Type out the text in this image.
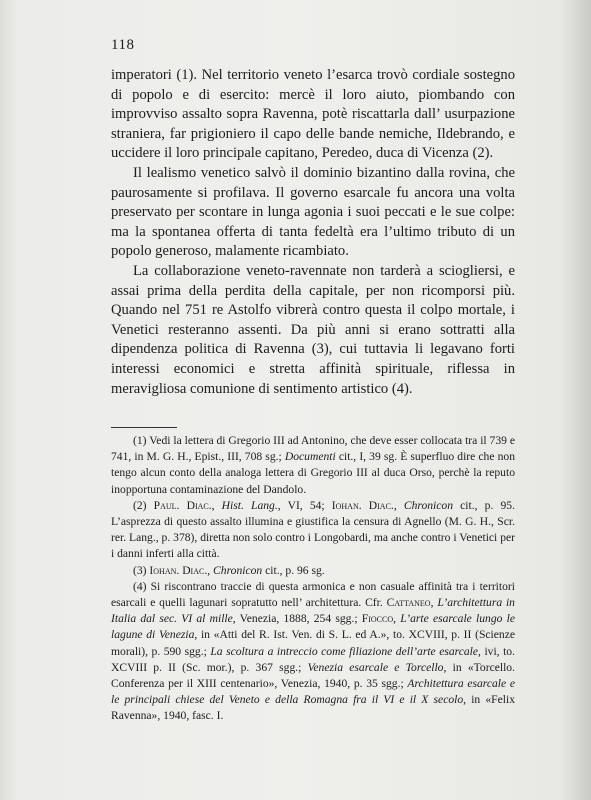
118

imperatori (1). Nel territorio veneto l’esarca trovò cordiale sostegno di popolo e di esercito: mercè il loro aiuto, piombando con improvviso assalto sopra Ravenna, potè riscattarla dall’ usurpazione straniera, far prigioniero il capo delle bande nemiche, Ildebrando, e uccidere il loro principale capitano, Peredeo, duca di Vicenza (2).

Il lealismo venetico salvò il dominio bizantino dalla rovina, che paurosamente si profilava. Il governo esarcale fu ancora una volta preservato per scontare in lunga agonia i suoi peccati e le sue colpe: ma la spontanea offerta di tanta fedeltà era l’ultimo tributo di un popolo generoso, malamente ricambiato.

La collaborazione veneto-ravennate non tarderà a sciogliersi, e assai prima della perdita della capitale, per non ricomporsi più. Quando nel 751 re Astolfo vibrerà contro questa il colpo mortale, i Venetici resteranno assenti. Da più anni si erano sottratti alla dipendenza politica di Ravenna (3), cui tuttavia li legavano forti interessi economici e stretta affinità spirituale, riflessa in meravigliosa comunione di sentimento artistico (4).

(1) Vedi la lettera di Gregorio III ad Antonino, che deve esser collocata tra il 739 e 741, in M. G. H., Epist., III, 708 sg.; Documenti cit., I, 39 sg. È superfluo dire che non tengo alcun conto della analoga lettera di Gregorio III al duca Orso, perchè la reputo inopportuna contaminazione del Dandolo.

(2) Paul. Diac., Hist. Lang., VI, 54; Iohan. Diac., Chronicon cit., p. 95. L’asprezza di questo assalto illumina e giustifica la censura di Agnello (M. G. H., Scr. rer. Lang., p. 378), diretta non solo contro i Longobardi, ma anche contro i Venetici per i danni inferti alla città.

(3) Iohan. Diac., Chronicon cit., p. 96 sg.

(4) Si riscontrano traccie di questa armonica e non casuale affinità tra i territori esarcali e quelli lagunari sopratutto nell’ architettura. Cfr. Cattaneo, L’architettura in Italia dal sec. VI al mille, Venezia, 1888, 254 sgg.; Fiocco, L’arte esarcale lungo le lagune di Venezia, in «Atti del R. Ist. Ven. di S. L. ed A.», to. XCVIII, p. II (Scienze morali), p. 590 sgg.; La scoltura a intreccio come filiazione dell’arte esarcale, ivi, to. XCVIII p. II (Sc. mor.), p. 367 sgg.; Venezia esarcale e Torcello, in «Torcello. Conferenza per il XIII centenario», Venezia, 1940, p. 35 sgg.; Architettura esarcale e le principali chiese del Veneto e della Romagna fra il VI e il X secolo, in «Felix Ravenna», 1940, fasc. I.
